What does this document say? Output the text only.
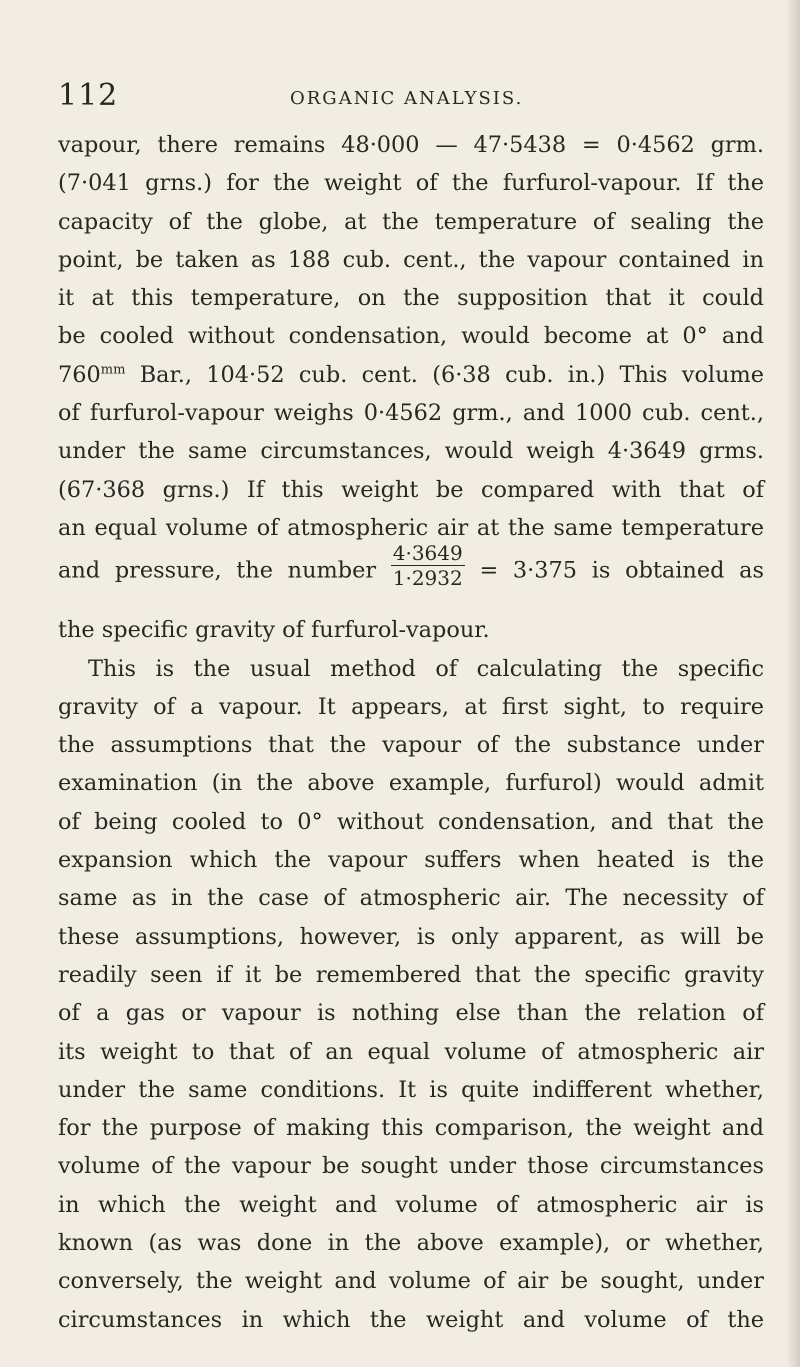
112	ORGANIC ANALYSIS.
vapour, there remains 48·000 — 47·5438 = 0·4562 grm.
(7·041 grns.) for the weight of the furfurol-vapour. If the
capacity of the globe, at the temperature of sealing the
point, be taken as 188 cub. cent., the vapour contained in
it at this temperature, on the supposition that it could
be cooled without condensation, would become at 0° and
$760^{mm}$ Bar., 104·52 cub. cent. (6·38 cub. in.) This volume
of furfurol-vapour weighs 0·4562 grm., and 1000 cub. cent.,
under the same circumstances, would weigh 4·3649 grms.
(67·368 grns.) If this weight be compared with that of
an equal volume of atmospheric air at the same temperature
and pressure, the number $\frac{4\cdot 3649}{1\cdot 2932} = 3\cdot 375$ is obtained as
the specific gravity of furfurol-vapour.
This is the usual method of calculating the specific
gravity of a vapour. It appears, at first sight, to require
the assumptions that the vapour of the substance under
examination (in the above example, furfurol) would admit
of being cooled to 0° without condensation, and that the
expansion which the vapour suffers when heated is the
same as in the case of atmospheric air. The necessity of
these assumptions, however, is only apparent, as will be
readily seen if it be remembered that the specific gravity
of a gas or vapour is nothing else than the relation of
its weight to that of an equal volume of atmospheric air
under the same conditions. It is quite indifferent whether,
for the purpose of making this comparison, the weight and
volume of the vapour be sought under those circumstances
in which the weight and volume of atmospheric air is
known (as was done in the above example), or whether,
conversely, the weight and volume of air be sought, under
circumstances in which the weight and volume of the
